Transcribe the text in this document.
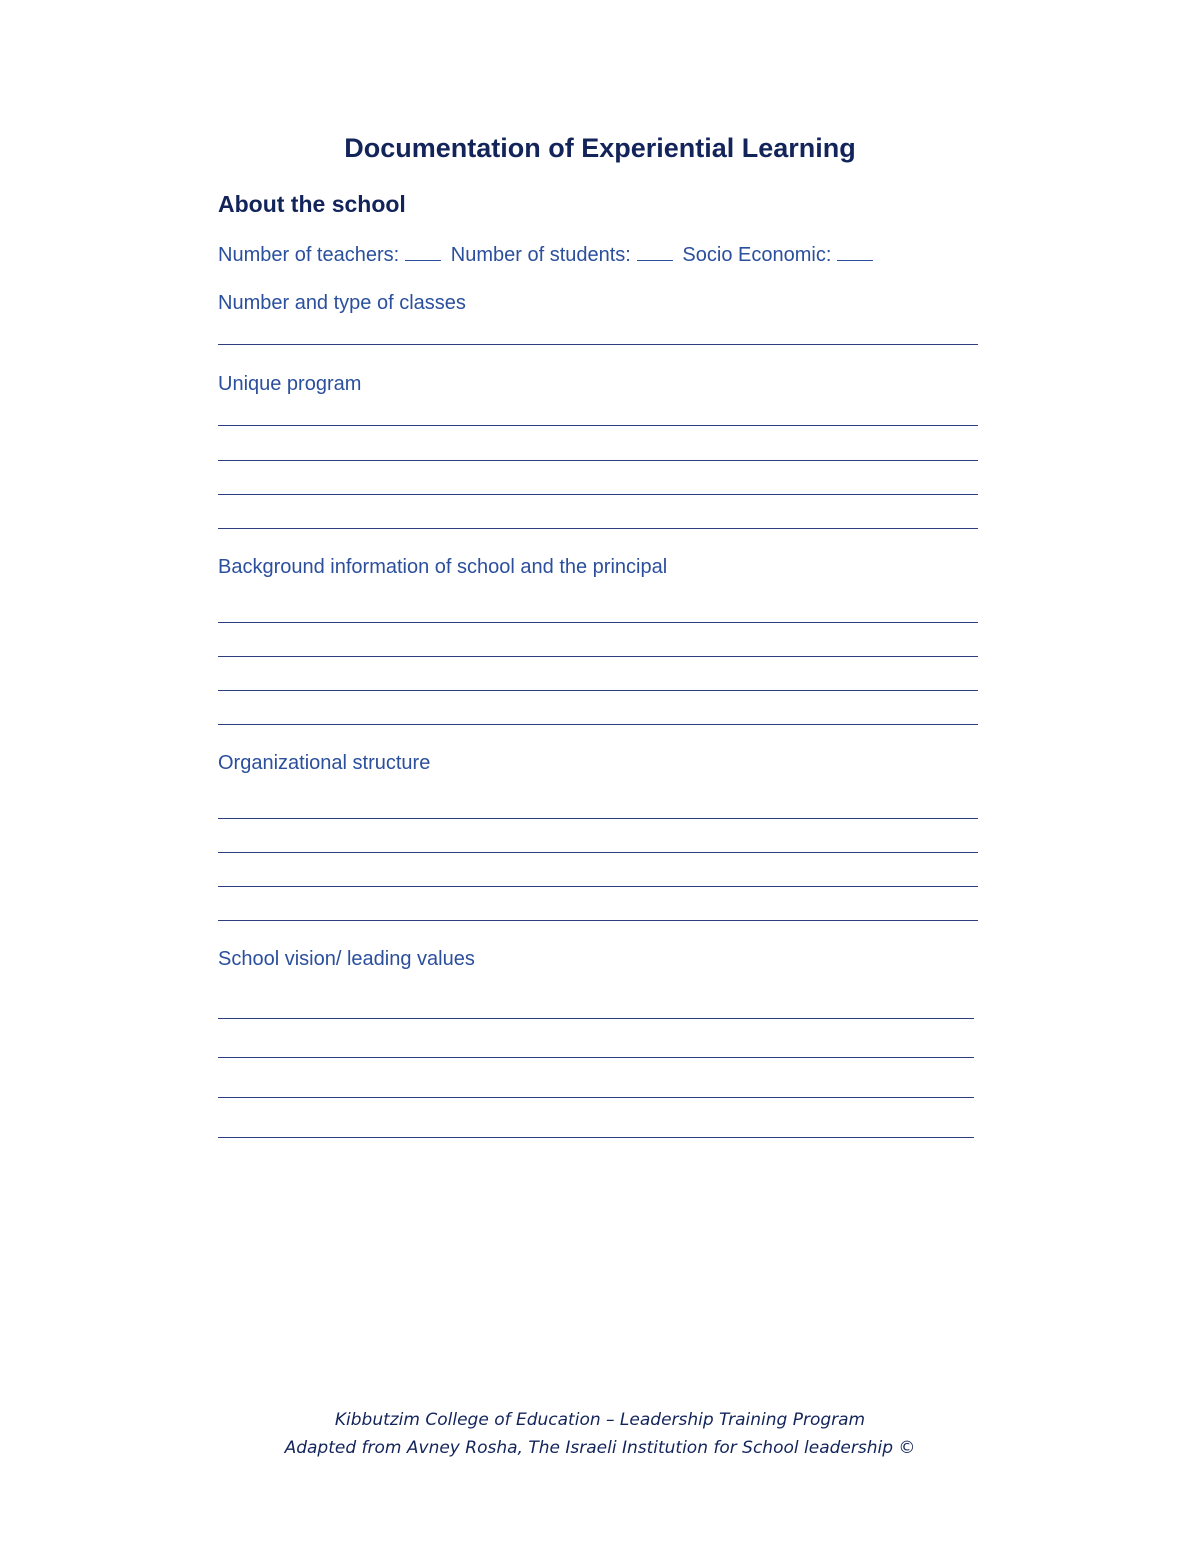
Documentation of Experiential Learning
About the school
Number of teachers:	Number of students:	Socio Economic:
Number and type of classes
Unique program
Background information of school and the principal
Organizational structure
School vision/ leading values
Kibbutzim College of Education – Leadership Training Program
Adapted from Avney Rosha, The Israeli Institution for School leadership ©
